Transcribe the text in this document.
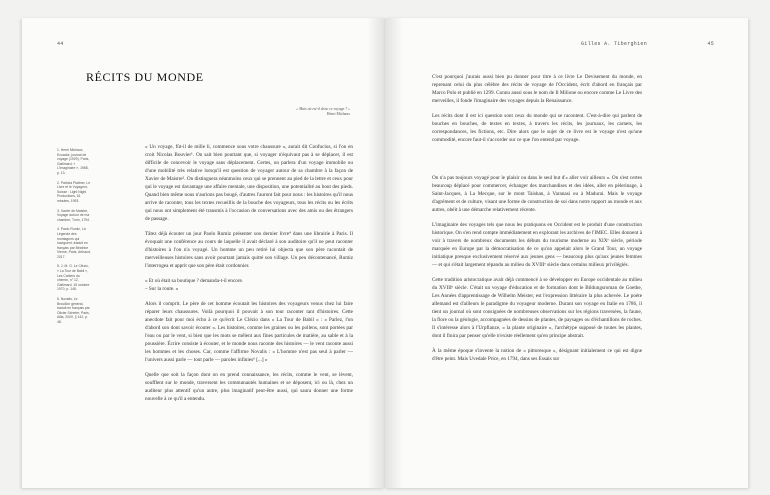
44
RÉCITS DU MONDE
« Mais où est-il donc ce voyage ? »
Henri Michaux

1. Henri Michaux, Ecuador, journal de voyage (1929), Paris, Gallimard, « L'Imaginaire », 1968, p. 13.

2. Patricia Plattner, Le Livre et le Voyageur, Suisse : Light Night Productions, 51 minutes, 1993.

3. Xavier de Maistre, Voyage autour de ma chambre, Turin, 1794.

4. Paolo Rumiz, La Légende des montagnes qui naviguent, traduit en français par Béatrice Vierne, Paris, Arthaud, 2017.

5. J.-M. G. Le Clézio, « La Tour de Babil », Les Cahiers du chemin, n° 12, Gallimard, 15 octobre 1970, p. 148.

6. Novalis, Le Brouillon général, traduit en français par Olivier Schefer, Paris, Allia, 2000, § 142, p. 48.

« Un voyage, fût-il de mille li, commence sous votre chaussure », aurait dit Confucius, si l'on en croit Nicolas Bouvier¹. On sait bien pourtant que, si voyager n'équivaut pas à se déplacer, il est difficile de concevoir le voyage sans déplacement. Certes, on parlera d'un voyage immobile ou d'une mobilité très relative lorsqu'il est question de voyager autour de sa chambre à la façon de Xavier de Maistre². On distinguera néanmoins ceux qui se prennent au pied de la lettre et ceux pour qui le voyage est davantage une affaire mentale, une disposition, une potentialité au bout des pieds. Quand bien même nous n'aurions pas bougé, d'autres l'auront fait pour nous : les histoires qu'il nous arrive de raconter, tous les textes recueillis de la bouche des voyageurs, tous les récits ou les écrits qui nous ont simplement été transmis à l'occasion de conversations avec des amis ou des étrangers de passage.

Tâtez déjà écouter un jour Paolo Rumiz présenter son dernier livre⁴ dans une librairie à Paris. Il évoquait une conférence au cours de laquelle il avait déclaré à son auditoire qu'il ne peut raconter d'histoires à l'on n'a voyagé. Un homme un peu retiré lui objecta que son père racontait de merveilleuses histoires sans avoir pourtant jamais quitté son village. Un peu décontenancé, Rumiz l'interrogea et apprit que son père était cordonnier.

« Et où était sa boutique ? demanda-t-il encore.
– Sur la route. »

Alors il comprit. Le père de cet homme écoutait les histoires des voyageurs venus chez lui faire réparer leurs chaussures. Voilà pourquoi il pouvait à son tour raconter tant d'histoires. Cette anecdote fait pour moi écho à ce qu'écrit Le Clézio dans « La Tour de Babil » : « Parlez, l'on d'abord son dont savoir écouter ». Les histoires, comme les graines ou les pollens, sont portées par l'eau ou par le vent, si bien que les mots se mêlent aux fines particules de matière, au sable et à la poussière. Écrire consiste à écouter, et le monde nous raconte des histoires — le vent raconte aussi les hommes et les choses. Car, comme l'affirme Novalis : « L'homme n'est pas seul à parler — l'univers aussi parle — tout parle — paroles infinies⁶ [...] »

Quelle que soit la façon dont on en prend connaissance, les récits, comme le vent, se lèvent, soufflent sur le monde, traversent les communautés humaines et se déposent, ici ou là, chez un auditeur plus attentif qu'un autre, plus imaginatif peut-être aussi, qui saura donner une forme nouvelle à ce qu'il a entendu.

Gilles A. Tiberghien	45

C'est pourquoi j'aurais aussi bien pu donner pour titre à ce livre Le Devisement du monde, en reprenant celui du plus célèbre des récits de voyage de l'Occident, écrit d'abord en français par Marco Polo et publié en 1299. Connu aussi sous le nom de Il Milione ou encore comme Le Livre des merveilles, il fonde l'imaginaire des voyages depuis la Renaissance.

Les récits dont il est ici question sont ceux du monde qui se racontent. C'est-à-dire qui parlent de bouches en bouches, de textes en textes, à travers les récits, les journaux, les carnets, les correspondances, les fictions, etc. Dire alors que le sujet de ce livre est le voyage n'est qu'une commodité, encore faut-il s'accorder sur ce que l'on entend par voyage.

On n'a pas toujours voyagé pour le plaisir ou dans le seul but d'« aller voir ailleurs ». On s'est certes beaucoup déplacé pour commercer, échanger des marchandises et des idées, aller en pèlerinage, à Saint-Jacques, à La Mecque, sur le mont Taishan, à Varanasi ou à Madurai. Mais le voyage d'agrément et de culture, visant une forme de construction de soi dans notre rapport au monde et aux autres, obéit à une démarche relativement récente.

L'imaginaire des voyages tels que nous les pratiquons en Occident est le produit d'une construction historique. On s'en rend compte immédiatement en explorant les archives de l'IMEC. Elles donnent à voir à travers de nombreux documents les débuts du tourisme moderne au XIXᵉ siècle, période marquée en Europe par la démocratisation de ce qu'on appelait alors le Grand Tour, un voyage initiatique presque exclusivement réservé aux jeunes gens — beaucoup plus qu'aux jeunes femmes — et qui s'était largement répandu au milieu du XVIIIᵉ siècle dans certains milieux privilégiés.

Cette tradition aristocratique avait déjà commencé à se développer en Europe occidentale au milieu du XVIIIᵉ siècle. C'était un voyage d'éducation et de formation dont le Bildungsroman de Goethe, Les Années d'apprentissage de Wilhelm Meister, est l'expression littéraire la plus achevée. Le poète allemand est d'ailleurs le paradigme du voyageur moderne. Durant son voyage en Italie en 1786, il tient un journal où sont consignées de nombreuses observations sur les régions traversées, la faune, la flore ou la géologie, accompagnées de dessins de plantes, de paysages ou d'échantillons de roches. Il s'intéresse alors à l'Urpflanze, « la plante originaire », l'archétype supposé de toutes les plantes, dont il finira par penser qu'elle n'existe réellement qu'en principe abstrait.

À la même époque s'invente la notion de « pittoresque », désignant initialement ce qui est digne d'être peint. Mais Uvedale Price, en 1794, dans ses Essais sur
